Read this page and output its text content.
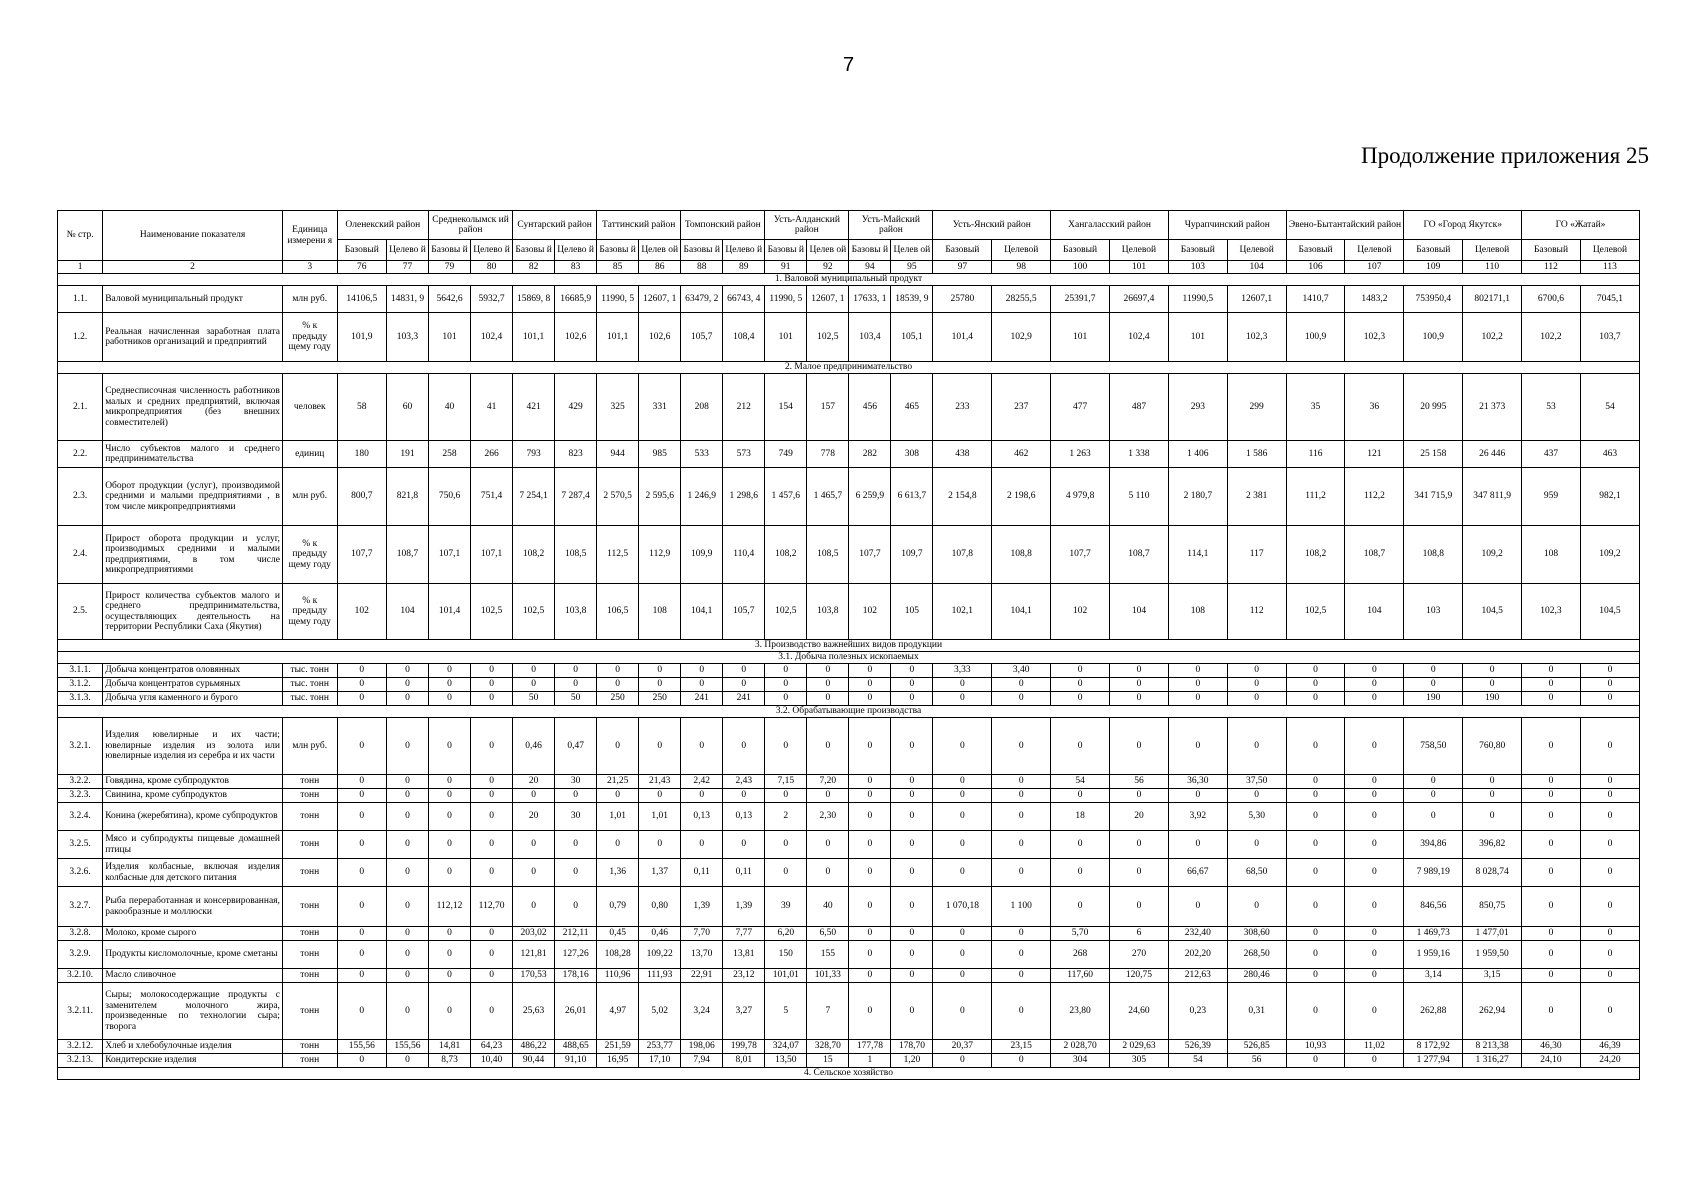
7
Продолжение приложения 25
№ стр.	Наименование показателя	Единица измерени я	Оленекский район		Среднеколымск ий район		Сунтарский район		Таттинский район		Томпонский район		Усть-Алданский район		Усть-Майский район		Усть-Янский район		Хангаласский район		Чурапчинский район		Эвено-Бытантайский район		ГО «Город Якутск»		ГО «Жатай»	
			Базовый	Целево й	Базовы й	Целево й	Базовы й	Целево й	Базовы й	Целев ой	Базовы й	Целево й	Базовы й	Целев ой	Базовы й	Целев ой	Базовый	Целевой	Базовый	Целевой	Базовый	Целевой	Базовый	Целевой	Базовый	Целевой	Базовый	Целевой
1	2	3	76	77	79	80	82	83	85	86	88	89	91	92	94	95	97	98	100	101	103	104	106	107	109	110	112	113
1. Валовой муниципальный продукт																												
1.1.	Валовой муниципальный продукт	млн руб.	14106,5	14831, 9	5642,6	5932,7	15869, 8	16685,9	11990, 5	12607, 1	63479, 2	66743, 4	11990, 5	12607, 1	17633, 1	18539, 9	25780	28255,5	25391,7	26697,4	11990,5	12607,1	1410,7	1483,2	753950,4	802171,1	6700,6	7045,1
1.2.	Реальная начисленная заработная плата работников организаций и предприятий	% к предыду щему году	101,9	103,3	101	102,4	101,1	102,6	101,1	102,6	105,7	108,4	101	102,5	103,4	105,1	101,4	102,9	101	102,4	101	102,3	100,9	102,3	100,9	102,2	102,2	103,7
2. Малое предпринимательство																												
2.1.	Среднесписочная численность работников малых и средних предприятий, включая микропредприятия (без внешних совместителей)	человек	58	60	40	41	421	429	325	331	208	212	154	157	456	465	233	237	477	487	293	299	35	36	20 995	21 373	53	54
2.2.	Число субъектов малого и среднего предпринимательства	единиц	180	191	258	266	793	823	944	985	533	573	749	778	282	308	438	462	1 263	1 338	1 406	1 586	116	121	25 158	26 446	437	463
2.3.	Оборот продукции (услуг), производимой средними и малыми предприятиями , в том числе микропредприятиями	млн руб.	800,7	821,8	750,6	751,4	7 254,1	7 287,4	2 570,5	2 595,6	1 246,9	1 298,6	1 457,6	1 465,7	6 259,9	6 613,7	2 154,8	2 198,6	4 979,8	5 110	2 180,7	2 381	111,2	112,2	341 715,9	347 811,9	959	982,1
2.4.	Прирост оборота продукции и услуг, производимых средними и малыми предприятиями, в том числе микропредприятиями	% к предыду щему году	107,7	108,7	107,1	107,1	108,2	108,5	112,5	112,9	109,9	110,4	108,2	108,5	107,7	109,7	107,8	108,8	107,7	108,7	114,1	117	108,2	108,7	108,8	109,2	108	109,2
2.5.	Прирост количества субъектов малого и среднего предпринимательства, осуществляющих деятельность на территории Республики Саха (Якутия)	% к предыду щему году	102	104	101,4	102,5	102,5	103,8	106,5	108	104,1	105,7	102,5	103,8	102	105	102,1	104,1	102	104	108	112	102,5	104	103	104,5	102,3	104,5
3. Производство важнейших видов продукции																												
3.1. Добыча полезных ископаемых																												
3.1.1.	Добыча концентратов оловянных	тыс. тонн	0	0	0	0	0	0	0	0	0	0	0	0	0	0	3,33	3,40	0	0	0	0	0	0	0	0	0	0
3.1.2.	Добыча концентратов сурьмяных	тыс. тонн	0	0	0	0	0	0	0	0	0	0	0	0	0	0	0	0	0	0	0	0	0	0	0	0	0	0
3.1.3.	Добыча угля каменного и бурого	тыс. тонн	0	0	0	0	50	50	250	250	241	241	0	0	0	0	0	0	0	0	0	0	0	0	190	190	0	0
3.2. Обрабатывающие производства																												
3.2.1.	Изделия ювелирные и их части; ювелирные изделия из золота или ювелирные изделия из серебра и их части	млн руб.	0	0	0	0	0,46	0,47	0	0	0	0	0	0	0	0	0	0	0	0	0	0	0	0	758,50	760,80	0	0
3.2.2.	Говядина, кроме субпродуктов	тонн	0	0	0	0	20	30	21,25	21,43	2,42	2,43	7,15	7,20	0	0	0	0	54	56	36,30	37,50	0	0	0	0	0	0
3.2.3.	Свинина, кроме субпродуктов	тонн	0	0	0	0	0	0	0	0	0	0	0	0	0	0	0	0	0	0	0	0	0	0	0	0	0	0
3.2.4.	Конина (жеребятина), кроме субпродуктов	тонн	0	0	0	0	20	30	1,01	1,01	0,13	0,13	2	2,30	0	0	0	0	18	20	3,92	5,30	0	0	0	0	0	0
3.2.5.	Мясо и субпродукты пищевые домашней птицы	тонн	0	0	0	0	0	0	0	0	0	0	0	0	0	0	0	0	0	0	0	0	0	0	394,86	396,82	0	0
3.2.6.	Изделия колбасные, включая изделия колбасные для детского питания	тонн	0	0	0	0	0	0	1,36	1,37	0,11	0,11	0	0	0	0	0	0	0	0	66,67	68,50	0	0	7 989,19	8 028,74	0	0
3.2.7.	Рыба переработанная и консервированная, ракообразные и моллюски	тонн	0	0	112,12	112,70	0	0	0,79	0,80	1,39	1,39	39	40	0	0	1 070,18	1 100	0	0	0	0	0	0	846,56	850,75	0	0
3.2.8.	Молоко, кроме сырого	тонн	0	0	0	0	203,02	212,11	0,45	0,46	7,70	7,77	6,20	6,50	0	0	0	0	5,70	6	232,40	308,60	0	0	1 469,73	1 477,01	0	0
3.2.9.	Продукты кисломолочные, кроме сметаны	тонн	0	0	0	0	121,81	127,26	108,28	109,22	13,70	13,81	150	155	0	0	0	0	268	270	202,20	268,50	0	0	1 959,16	1 959,50	0	0
3.2.10.	Масло сливочное	тонн	0	0	0	0	170,53	178,16	110,96	111,93	22,91	23,12	101,01	101,33	0	0	0	0	117,60	120,75	212,63	280,46	0	0	3,14	3,15	0	0
3.2.11.	Сыры; молокосодержащие продукты с заменителем молочного жира, произведенные по технологии сыра; творога	тонн	0	0	0	0	25,63	26,01	4,97	5,02	3,24	3,27	5	7	0	0	0	0	23,80	24,60	0,23	0,31	0	0	262,88	262,94	0	0
3.2.12.	Хлеб и хлебобулочные изделия	тонн	155,56	155,56	14,81	64,23	486,22	488,65	251,59	253,77	198,06	199,78	324,07	328,70	177,78	178,70	20,37	23,15	2 028,70	2 029,63	526,39	526,85	10,93	11,02	8 172,92	8 213,38	46,30	46,39
3.2.13.	Кондитерские изделия	тонн	0	0	8,73	10,40	90,44	91,10	16,95	17,10	7,94	8,01	13,50	15	1	1,20	0	0	304	305	54	56	0	0	1 277,94	1 316,27	24,10	24,20
4. Сельское хозяйство																												
